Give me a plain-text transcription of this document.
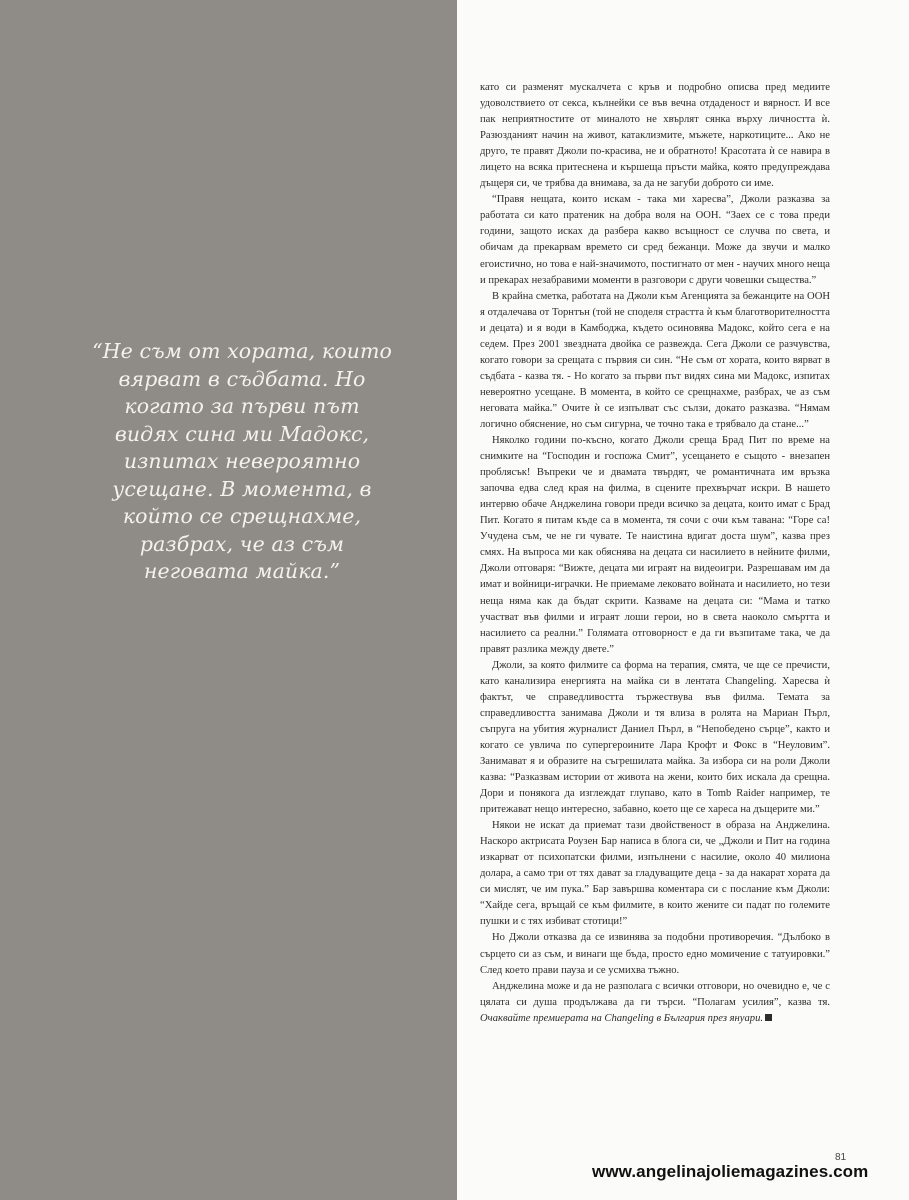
“Не съм от хората, които вярват в съдбата. Но когато за първи път видях сина ми Мадокс, изпитах невероятно усещане. В момента, в който се срещнахме, разбрах, че аз съм неговата майка.”

като си разменят мускалчета с кръв и подробно описва пред медиите удоволствието от секса, кълнейки се във вечна отдаденост и вярност. И все пак неприятностите от миналото не хвърлят сянка върху личността ѝ. Разюзданият начин на живот, катаклизмите, мъжете, наркотиците... Ако не друго, те правят Джоли по-красива, не и обратното! Красотата ѝ се навира в лицето на всяка притеснена и кършеща пръсти майка, която предупреждава дъщеря си, че трябва да внимава, за да не загуби доброто си име.

“Правя нещата, които искам - така ми харесва”, Джоли разказва за работата си като пратеник на добра воля на ООН. “Заех се с това преди години, защото исках да разбера какво всъщност се случва по света, и обичам да прекарвам времето си сред бежанци. Може да звучи и малко егоистично, но това е най-значимото, постигнато от мен - научих много неща и прекарах незабравими моменти в разговори с други човешки същества.”

В крайна сметка, работата на Джоли към Агенцията за бежанците на ООН я отдалечава от Торнтън (той не споделя страстта ѝ към благотворителността и децата) и я води в Камбоджа, където осиновява Мадокс, който сега е на седем. През 2001 звездната двойка се развежда. Сега Джоли се разчувства, когато говори за срещата с първия си син. “Не съм от хората, които вярват в съдбата - казва тя. - Но когато за първи път видях сина ми Мадокс, изпитах невероятно усещане. В момента, в който се срещнахме, разбрах, че аз съм неговата майка.” Очите ѝ се изпълват със сълзи, докато разказва. “Нямам логично обяснение, но съм сигурна, че точно така е трябвало да стане...”

Няколко години по-късно, когато Джоли среща Брад Пит по време на снимките на “Господин и госпожа Смит”, усещането е същото - внезапен проблясък! Въпреки че и двамата твърдят, че романтичната им връзка започва едва след края на филма, в сцените прехвърчат искри. В нашето интервю обаче Анджелина говори преди всичко за децата, които имат с Брад Пит. Когато я питам къде са в момента, тя сочи с очи към тавана: “Горе са! Учудена съм, че не ги чувате. Те наистина вдигат доста шум”, казва през смях. На въпроса ми как обяснява на децата си насилието в нейните филми, Джоли отговаря: “Вижте, децата ми играят на видеоигри. Разрешавам им да имат и войници-играчки. Не приемаме лековато войната и насилието, но тези неща няма как да бъдат скрити. Казваме на децата си: “Мама и татко участват във филми и играят лоши герои, но в света наоколо смъртта и насилието са реални.” Голямата отговорност е да ги възпитаме така, че да правят разлика между двете.”

Джоли, за която филмите са форма на терапия, смята, че ще се пречисти, като канализира енергията на майка си в лентата Changeling. Харесва ѝ фактът, че справедливостта тържествува във филма. Темата за справедливостта занимава Джоли и тя влиза в ролята на Мариан Пърл, съпруга на убития журналист Даниел Пърл, в “Непобедено сърце”, както и когато се увлича по супергероините Лара Крофт и Фокс в “Неуловим”. Занимават я и образите на съгрешилата майка. За избора си на роли Джоли казва: “Разказвам истории от живота на жени, които бих искала да срещна. Дори и понякога да изглеждат глупаво, като в Tomb Raider например, те притежават нещо интересно, забавно, което ще се хареса на дъщерите ми.”

Някои не искат да приемат тази двойственост в образа на Анджелина. Наскоро актрисата Роузен Бар написа в блога си, че „Джоли и Пит на година изкарват от психопатски филми, изпълнени с насилие, около 40 милиона долара, а само три от тях дават за гладуващите деца - за да накарат хората да си мислят, че им пука.” Бар завършва коментара си с послание към Джоли: “Хайде сега, връщай се към филмите, в които жените си падат по големите пушки и с тях избиват стотици!”

Но Джоли отказва да се извинява за подобни противоречия. “Дълбоко в сърцето си аз съм, и винаги ще бъда, просто едно момичение с татуировки.” След което прави пауза и се усмихва тъжно.

Анджелина може и да не разполага с всички отговори, но очевидно е, че с цялата си душа продължава да ги търси. “Полагам усилия”, казва тя. Очаквайте премиерата на Changeling в България през януари.

81
www.angelinajoliemagazines.com
